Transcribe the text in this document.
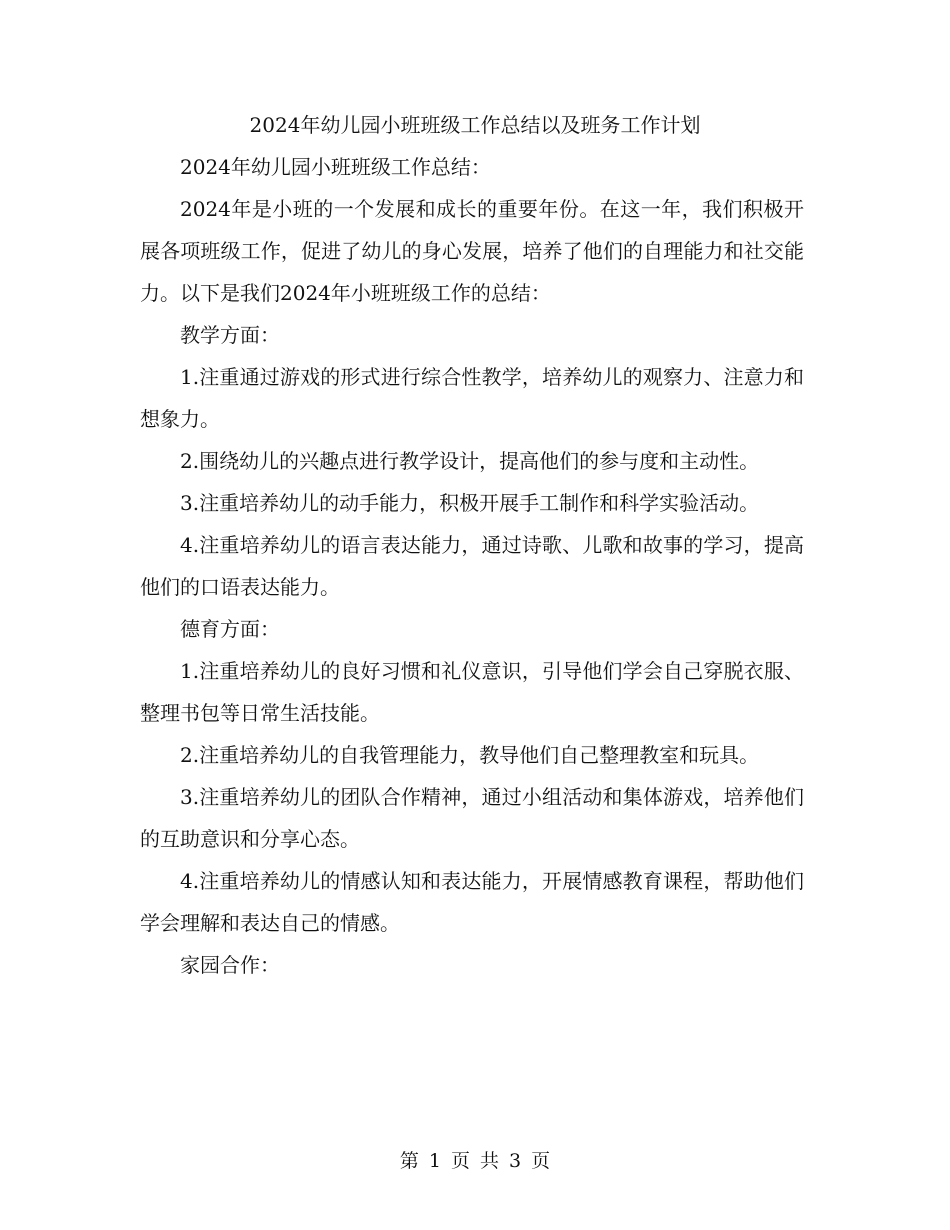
2024年幼儿园小班班级工作总结以及班务工作计划

2024年幼儿园小班班级工作总结：

2024年是小班的一个发展和成长的重要年份。在这一年，我们积极开展各项班级工作，促进了幼儿的身心发展，培养了他们的自理能力和社交能力。以下是我们2024年小班班级工作的总结：

教学方面：

1.注重通过游戏的形式进行综合性教学，培养幼儿的观察力、注意力和想象力。

2.围绕幼儿的兴趣点进行教学设计，提高他们的参与度和主动性。

3.注重培养幼儿的动手能力，积极开展手工制作和科学实验活动。

4.注重培养幼儿的语言表达能力，通过诗歌、儿歌和故事的学习，提高他们的口语表达能力。

德育方面：

1.注重培养幼儿的良好习惯和礼仪意识，引导他们学会自己穿脱衣服、整理书包等日常生活技能。

2.注重培养幼儿的自我管理能力，教导他们自己整理教室和玩具。

3.注重培养幼儿的团队合作精神，通过小组活动和集体游戏，培养他们的互助意识和分享心态。

4.注重培养幼儿的情感认知和表达能力，开展情感教育课程，帮助他们学会理解和表达自己的情感。

家园合作：

第 1 页 共 3 页
